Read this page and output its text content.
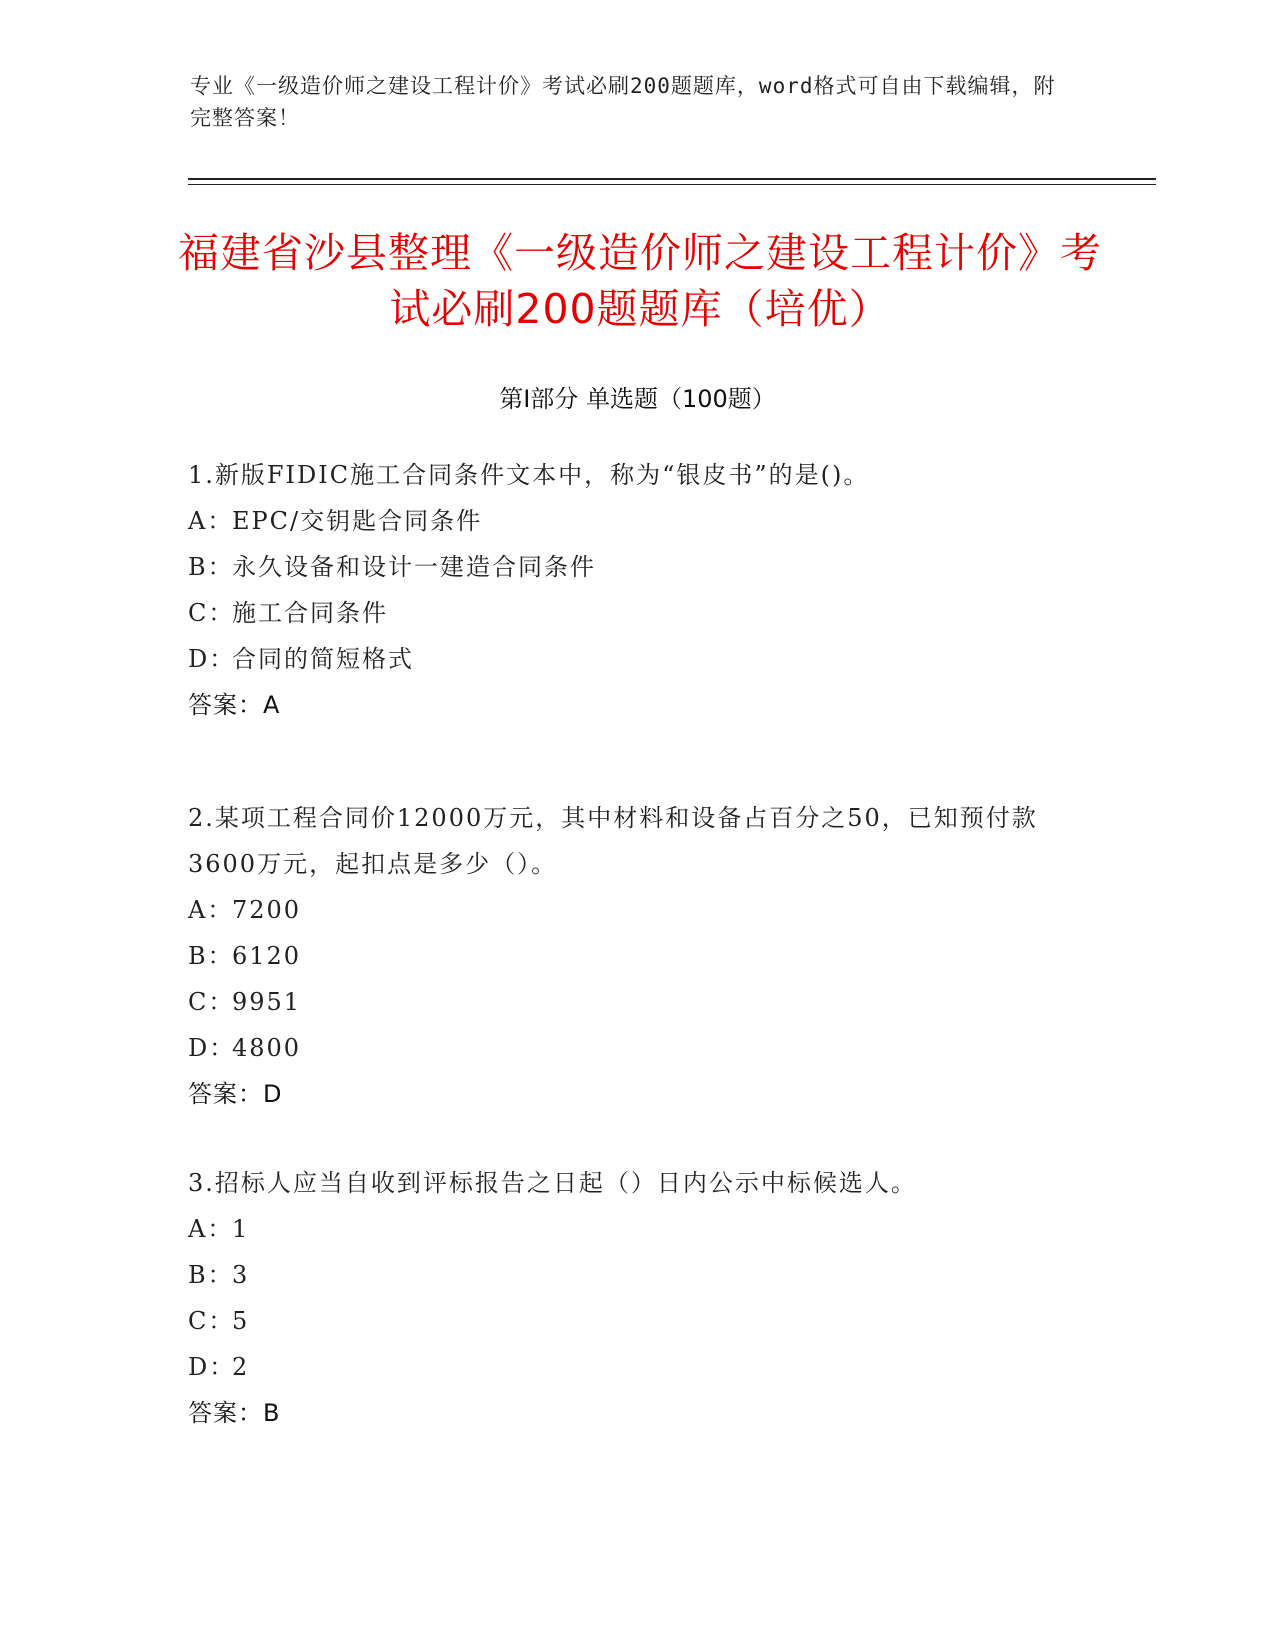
专业《一级造价师之建设工程计价》考试必刷200题题库，word格式可自由下载编辑，附完整答案！
福建省沙县整理《一级造价师之建设工程计价》考试必刷200题题库（培优）
第I部分 单选题（100题）
1.新版FIDIC施工合同条件文本中，称为“银皮书”的是()。
A：EPC/交钥匙合同条件
B：永久设备和设计一建造合同条件
C：施工合同条件
D：合同的简短格式
答案：A
2.某项工程合同价12000万元，其中材料和设备占百分之50，已知预付款3600万元，起扣点是多少（）。
A：7200
B：6120
C：9951
D：4800
答案：D
3.招标人应当自收到评标报告之日起（）日内公示中标候选人。
A：1
B：3
C：5
D：2
答案：B
